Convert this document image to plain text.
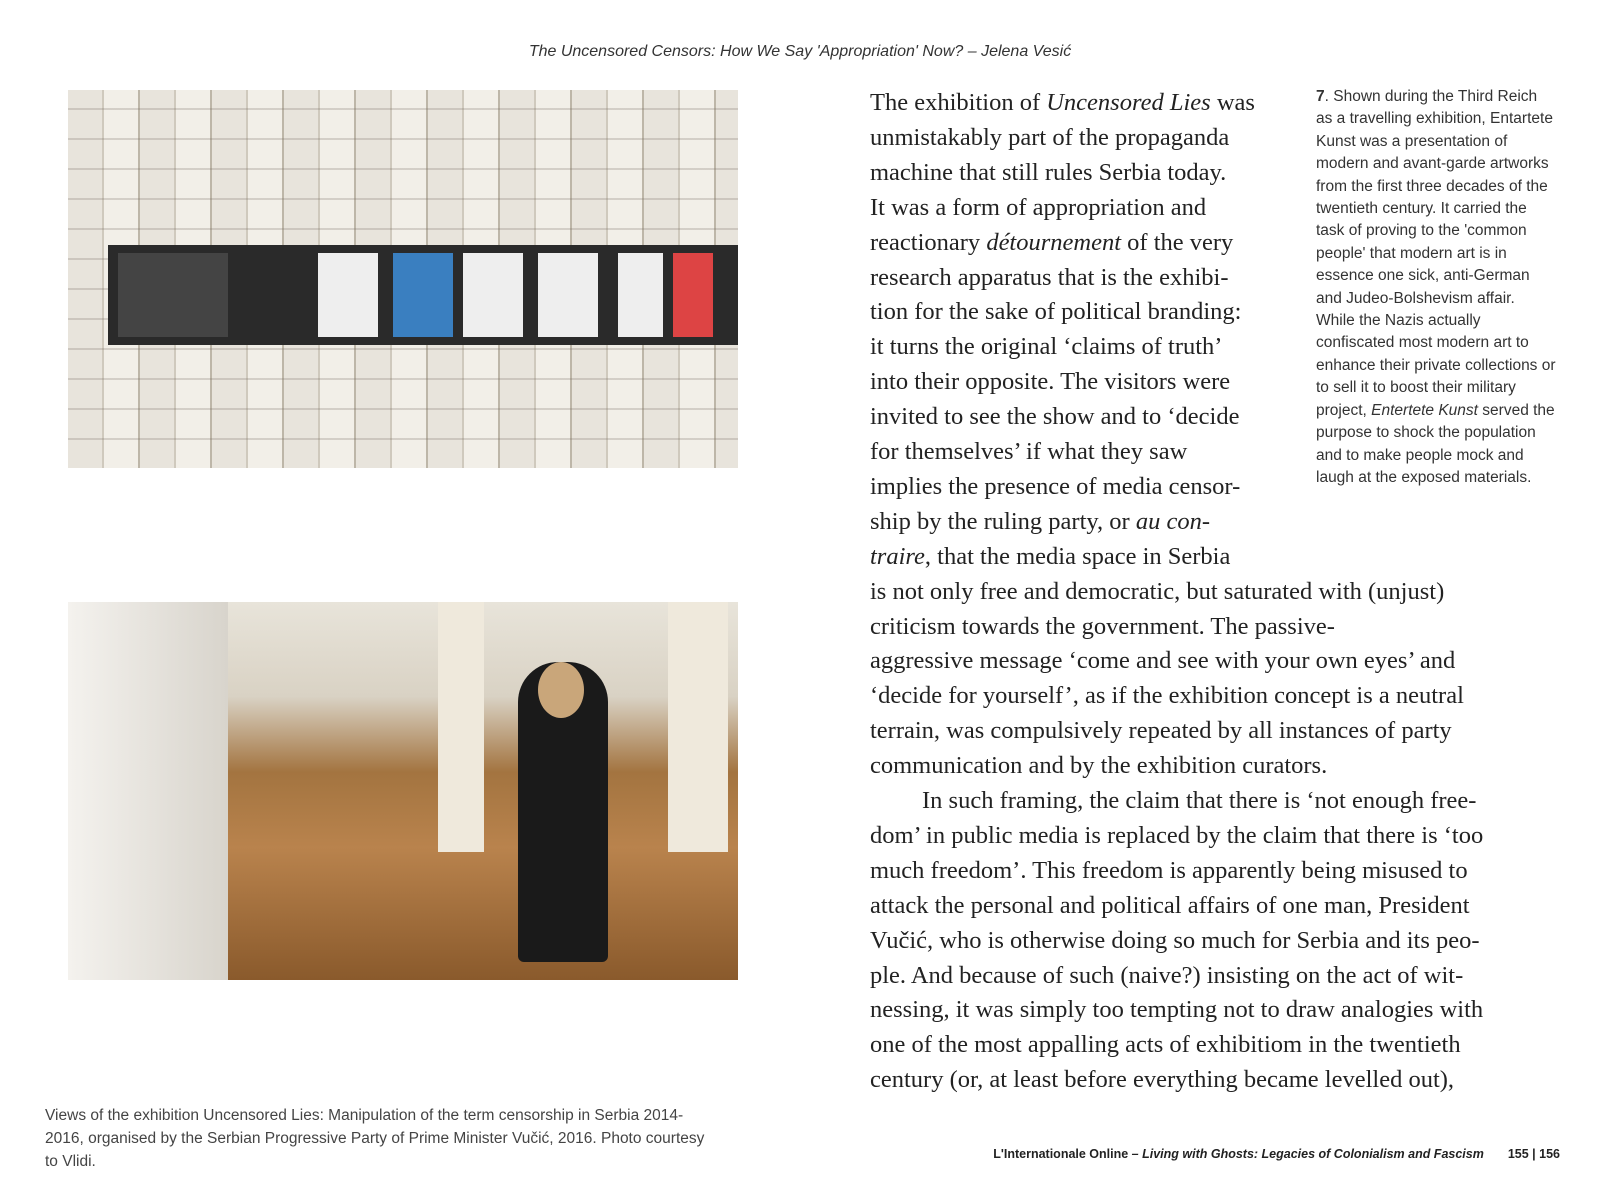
The Uncensored Censors: How We Say 'Appropriation' Now? – Jelena Vesić
Views of the exhibition Uncensored Lies: Manipulation of the term censorship in Serbia 2014-2016, organised by the Serbian Progressive Party of Prime Minister Vučić, 2016. Photo courtesy to Vlidi.
The exhibition of Uncensored Lies was
unmistakably part of the propaganda
machine that still rules Serbia today.
It was a form of appropriation and
reactionary détournement of the very
research apparatus that is the exhibi-
tion for the sake of political branding:
it turns the original ‘claims of truth’
into their opposite. The visitors were
invited to see the show and to ‘decide
for themselves’ if what they saw
implies the presence of media censor-
ship by the ruling party, or au con-
traire, that the media space in Serbia
is not only free and democratic, but saturated with (unjust)
criticism towards the government. The passive-
aggressive message ‘come and see with your own eyes’ and
‘decide for yourself’, as if the exhibition concept is a neutral
terrain, was compulsively repeated by all instances of party
communication and by the exhibition curators.
In such framing, the claim that there is ‘not enough free-
dom’ in public media is replaced by the claim that there is ‘too
much freedom’. This freedom is apparently being misused to
attack the personal and political affairs of one man, President
Vučić, who is otherwise doing so much for Serbia and its peo-
ple. And because of such (naive?) insisting on the act of wit-
nessing, it was simply too tempting not to draw analogies with
one of the most appalling acts of exhibitiom in the twentieth
century (or, at least before everything became levelled out),
7. Shown during the Third Reich as a travelling exhibition, Entartete Kunst was a presentation of modern and avant-garde artworks from the first three decades of the twentieth century. It carried the task of proving to the 'common people' that modern art is in essence one sick, anti-German and Judeo-Bolshevism affair. While the Nazis actually confiscated most modern art to enhance their private collections or to sell it to boost their military project, Entertete Kunst served the purpose to shock the population and to make people mock and laugh at the exposed materials.
L'Internationale Online – Living with Ghosts: Legacies of Colonialism and Fascism 155 | 156
